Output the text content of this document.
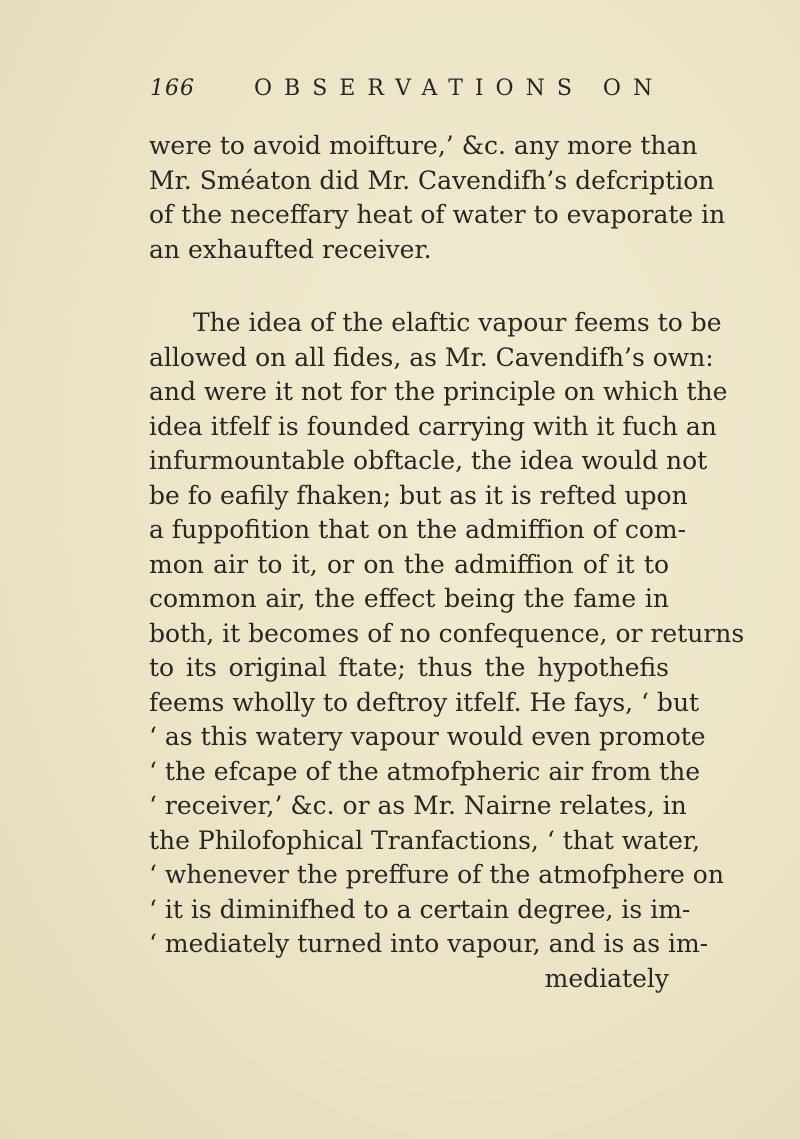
166	OBSERVATIONS ON
were to avoid moifture,’ &c. any more than
Mr. Sméaton did Mr. Cavendifh’s defcription
of the neceffary heat of water to evaporate in
an exhaufted receiver.
The idea of the elaftic vapour feems to be
allowed on all fides, as Mr. Cavendifh’s own:
and were it not for the principle on which the
idea itfelf is founded carrying with it fuch an
infurmountable obftacle, the idea would not
be fo eafily fhaken; but as it is refted upon
a fuppofition that on the admiffion of com-
mon air to it, or on the admiffion of it to
common air, the effect being the fame in
both, it becomes of no confequence, or returns
to its original ftate; thus the hypothefis
feems wholly to deftroy itfelf. He fays, ‘ but
‘ as this watery vapour would even promote
‘ the efcape of the atmofpheric air from the
‘ receiver,’ &c. or as Mr. Nairne relates, in
the Philofophical Tranfactions, ‘ that water,
‘ whenever the preffure of the atmofphere on
‘ it is diminifhed to a certain degree, is im-
‘ mediately turned into vapour, and is as im-
mediately
